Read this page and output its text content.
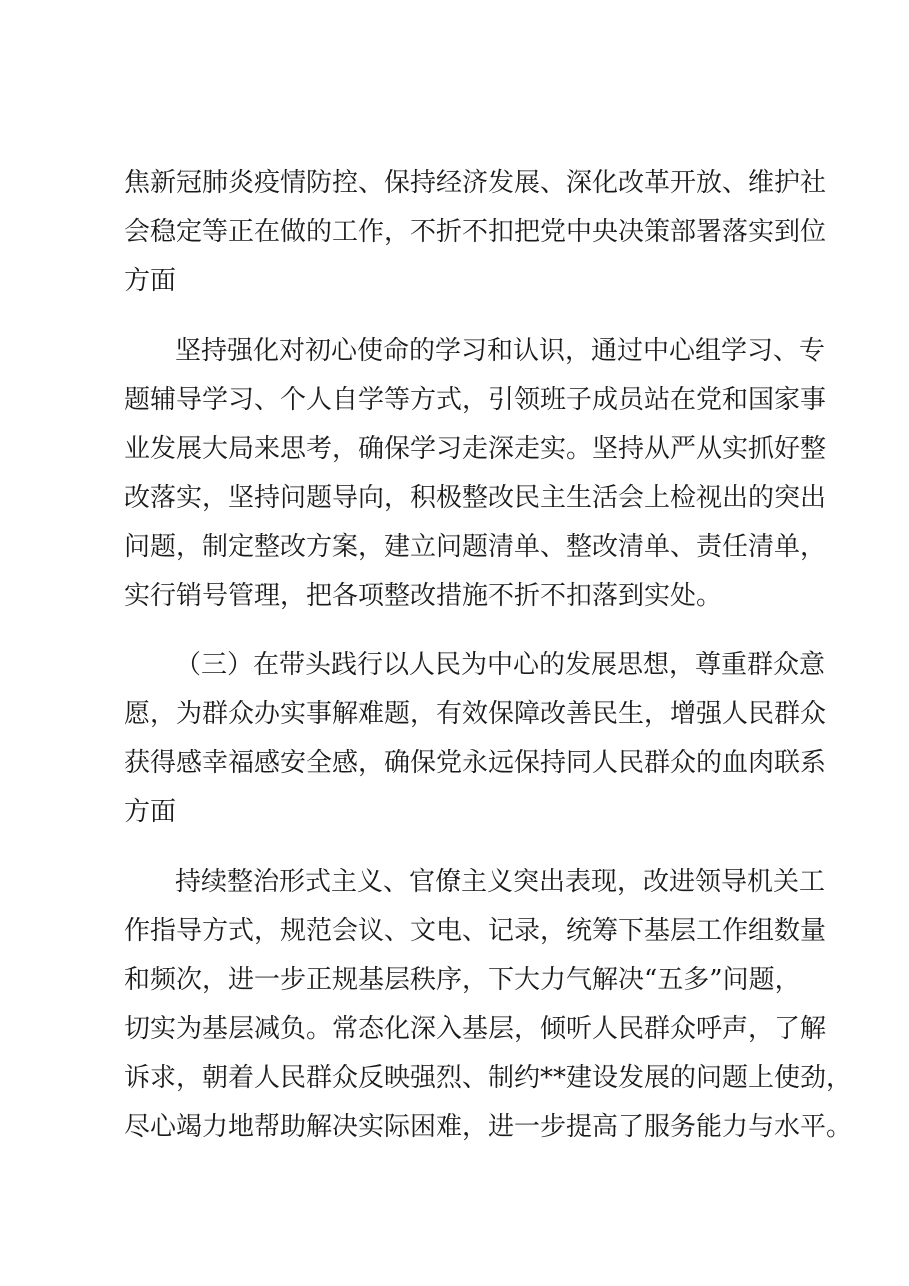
焦新冠肺炎疫情防控、保持经济发展、深化改革开放、维护社
会稳定等正在做的工作，不折不扣把党中央决策部署落实到位
方面
坚持强化对初心使命的学习和认识，通过中心组学习、专
题辅导学习、个人自学等方式，引领班子成员站在党和国家事
业发展大局来思考，确保学习走深走实。坚持从严从实抓好整
改落实，坚持问题导向，积极整改民主生活会上检视出的突出
问题，制定整改方案，建立问题清单、整改清单、责任清单，
实行销号管理，把各项整改措施不折不扣落到实处。
（三）在带头践行以人民为中心的发展思想，尊重群众意
愿，为群众办实事解难题，有效保障改善民生，增强人民群众
获得感幸福感安全感，确保党永远保持同人民群众的血肉联系
方面
持续整治形式主义、官僚主义突出表现，改进领导机关工
作指导方式，规范会议、文电、记录，统筹下基层工作组数量
和频次，进一步正规基层秩序，下大力气解决“五多”问题，
切实为基层减负。常态化深入基层，倾听人民群众呼声，了解
诉求，朝着人民群众反映强烈、制约**建设发展的问题上使劲，
尽心竭力地帮助解决实际困难，进一步提高了服务能力与水平。
